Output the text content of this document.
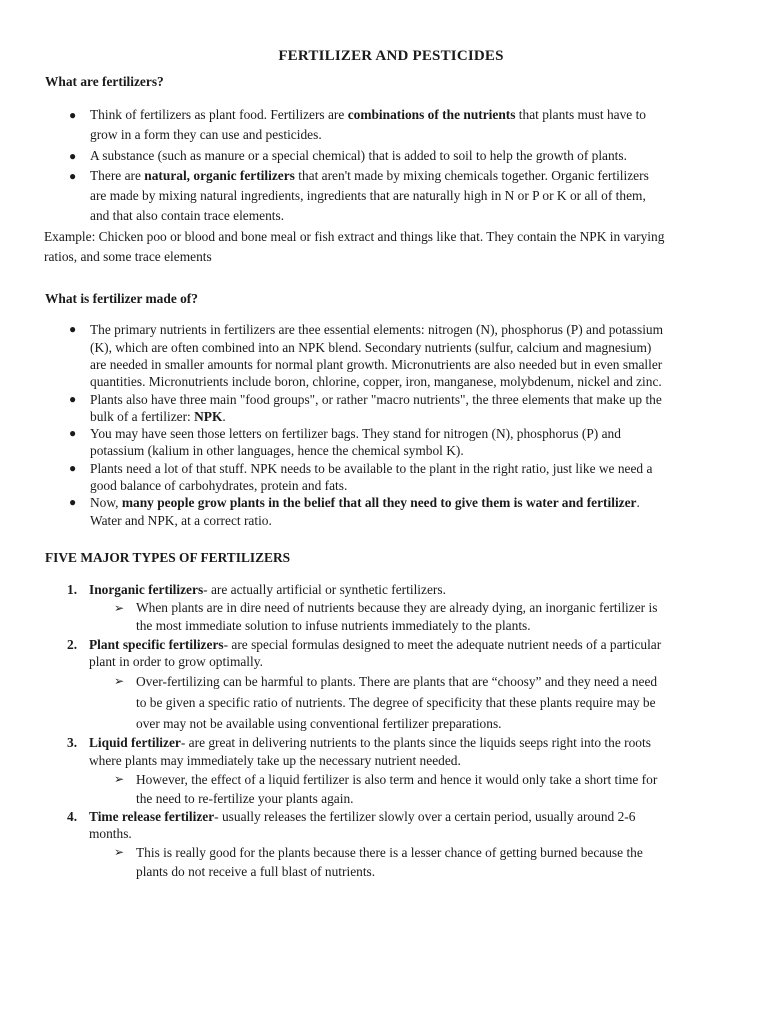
FERTILIZER AND PESTICIDES
What are fertilizers?
● Think of fertilizers as plant food. Fertilizers are combinations of the nutrients that plants must have to grow in a form they can use and pesticides.
● A substance (such as manure or a special chemical) that is added to soil to help the growth of plants.
● There are natural, organic fertilizers that aren't made by mixing chemicals together. Organic fertilizers are made by mixing natural ingredients, ingredients that are naturally high in N or P or K or all of them, and that also contain trace elements.

Example: Chicken poo or blood and bone meal or fish extract and things like that. They contain the NPK in varying ratios, and some trace elements

What is fertilizer made of?
● The primary nutrients in fertilizers are thee essential elements: nitrogen (N), phosphorus (P) and potassium (K), which are often combined into an NPK blend. Secondary nutrients (sulfur, calcium and magnesium) are needed in smaller amounts for normal plant growth. Micronutrients are also needed but in even smaller quantities. Micronutrients include boron, chlorine, copper, iron, manganese, molybdenum, nickel and zinc.
● Plants also have three main "food groups", or rather "macro nutrients", the three elements that make up the bulk of a fertilizer: NPK.
● You may have seen those letters on fertilizer bags. They stand for nitrogen (N), phosphorus (P) and potassium (kalium in other languages, hence the chemical symbol K).
● Plants need a lot of that stuff. NPK needs to be available to the plant in the right ratio, just like we need a good balance of carbohydrates, protein and fats.
● Now, many people grow plants in the belief that all they need to give them is water and fertilizer. Water and NPK, at a correct ratio.
FIVE MAJOR TYPES OF FERTILIZERS
1. Inorganic fertilizers- are actually artificial or synthetic fertilizers.
➢ When plants are in dire need of nutrients because they are already dying, an inorganic fertilizer is the most immediate solution to infuse nutrients immediately to the plants.
2. Plant specific fertilizers- are special formulas designed to meet the adequate nutrient needs of a particular plant in order to grow optimally.
➢ Over-fertilizing can be harmful to plants. There are plants that are “choosy” and they need a need to be given a specific ratio of nutrients. The degree of specificity that these plants require may be over may not be available using conventional fertilizer preparations.
3. Liquid fertilizer- are great in delivering nutrients to the plants since the liquids seeps right into the roots where plants may immediately take up the necessary nutrient needed.
➢ However, the effect of a liquid fertilizer is also term and hence it would only take a short time for the need to re-fertilize your plants again.
4. Time release fertilizer- usually releases the fertilizer slowly over a certain period, usually around 2-6 months.
➢ This is really good for the plants because there is a lesser chance of getting burned because the plants do not receive a full blast of nutrients.
